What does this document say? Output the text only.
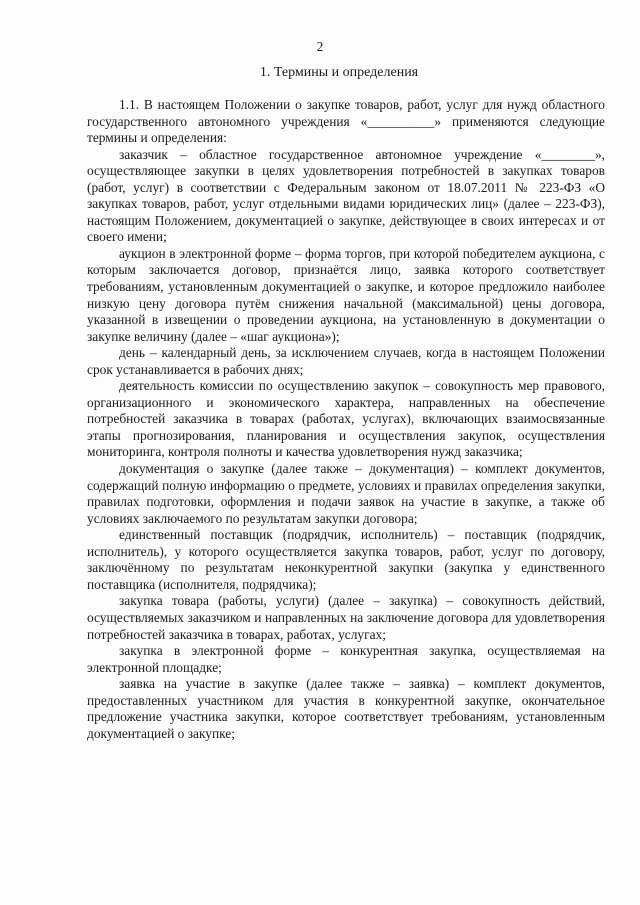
2
1. Термины и определения

1.1. В настоящем Положении о закупке товаров, работ, услуг для нужд областного государственного автономного учреждения «__________» применяются следующие термины и определения:

заказчик – областное государственное автономное учреждение «________», осуществляющее закупки в целях удовлетворения потребностей в закупках товаров (работ, услуг) в соответствии с Федеральным законом от 18.07.2011 № 223-ФЗ «О закупках товаров, работ, услуг отдельными видами юридических лиц» (далее – 223-ФЗ), настоящим Положением, документацией о закупке, действующее в своих интересах и от своего имени;

аукцион в электронной форме – форма торгов, при которой победителем аукциона, с которым заключается договор, признаётся лицо, заявка которого соответствует требованиям, установленным документацией о закупке, и которое предложило наиболее низкую цену договора путём снижения начальной (максимальной) цены договора, указанной в извещении о проведении аукциона, на установленную в документации о закупке величину (далее – «шаг аукциона»);

день – календарный день, за исключением случаев, когда в настоящем Положении срок устанавливается в рабочих днях;

деятельность комиссии по осуществлению закупок – совокупность мер правового, организационного и экономического характера, направленных на обеспечение потребностей заказчика в товарах (работах, услугах), включающих взаимосвязанные этапы прогнозирования, планирования и осуществления закупок, осуществления мониторинга, контроля полноты и качества удовлетворения нужд заказчика;

документация о закупке (далее также – документация) – комплект документов, содержащий полную информацию о предмете, условиях и правилах определения закупки, правилах подготовки, оформления и подачи заявок на участие в закупке, а также об условиях заключаемого по результатам закупки договора;

единственный поставщик (подрядчик, исполнитель) – поставщик (подрядчик, исполнитель), у которого осуществляется закупка товаров, работ, услуг по договору, заключённому по результатам неконкурентной закупки (закупка у единственного поставщика (исполнителя, подрядчика);

закупка товара (работы, услуги) (далее – закупка) – совокупность действий, осуществляемых заказчиком и направленных на заключение договора для удовлетворения потребностей заказчика в товарах, работах, услугах;

закупка в электронной форме – конкурентная закупка, осуществляемая на электронной площадке;

заявка на участие в закупке (далее также – заявка) – комплект документов, предоставленных участником для участия в конкурентной закупке, окончательное предложение участника закупки, которое соответствует требованиям, установленным документацией о закупке;
